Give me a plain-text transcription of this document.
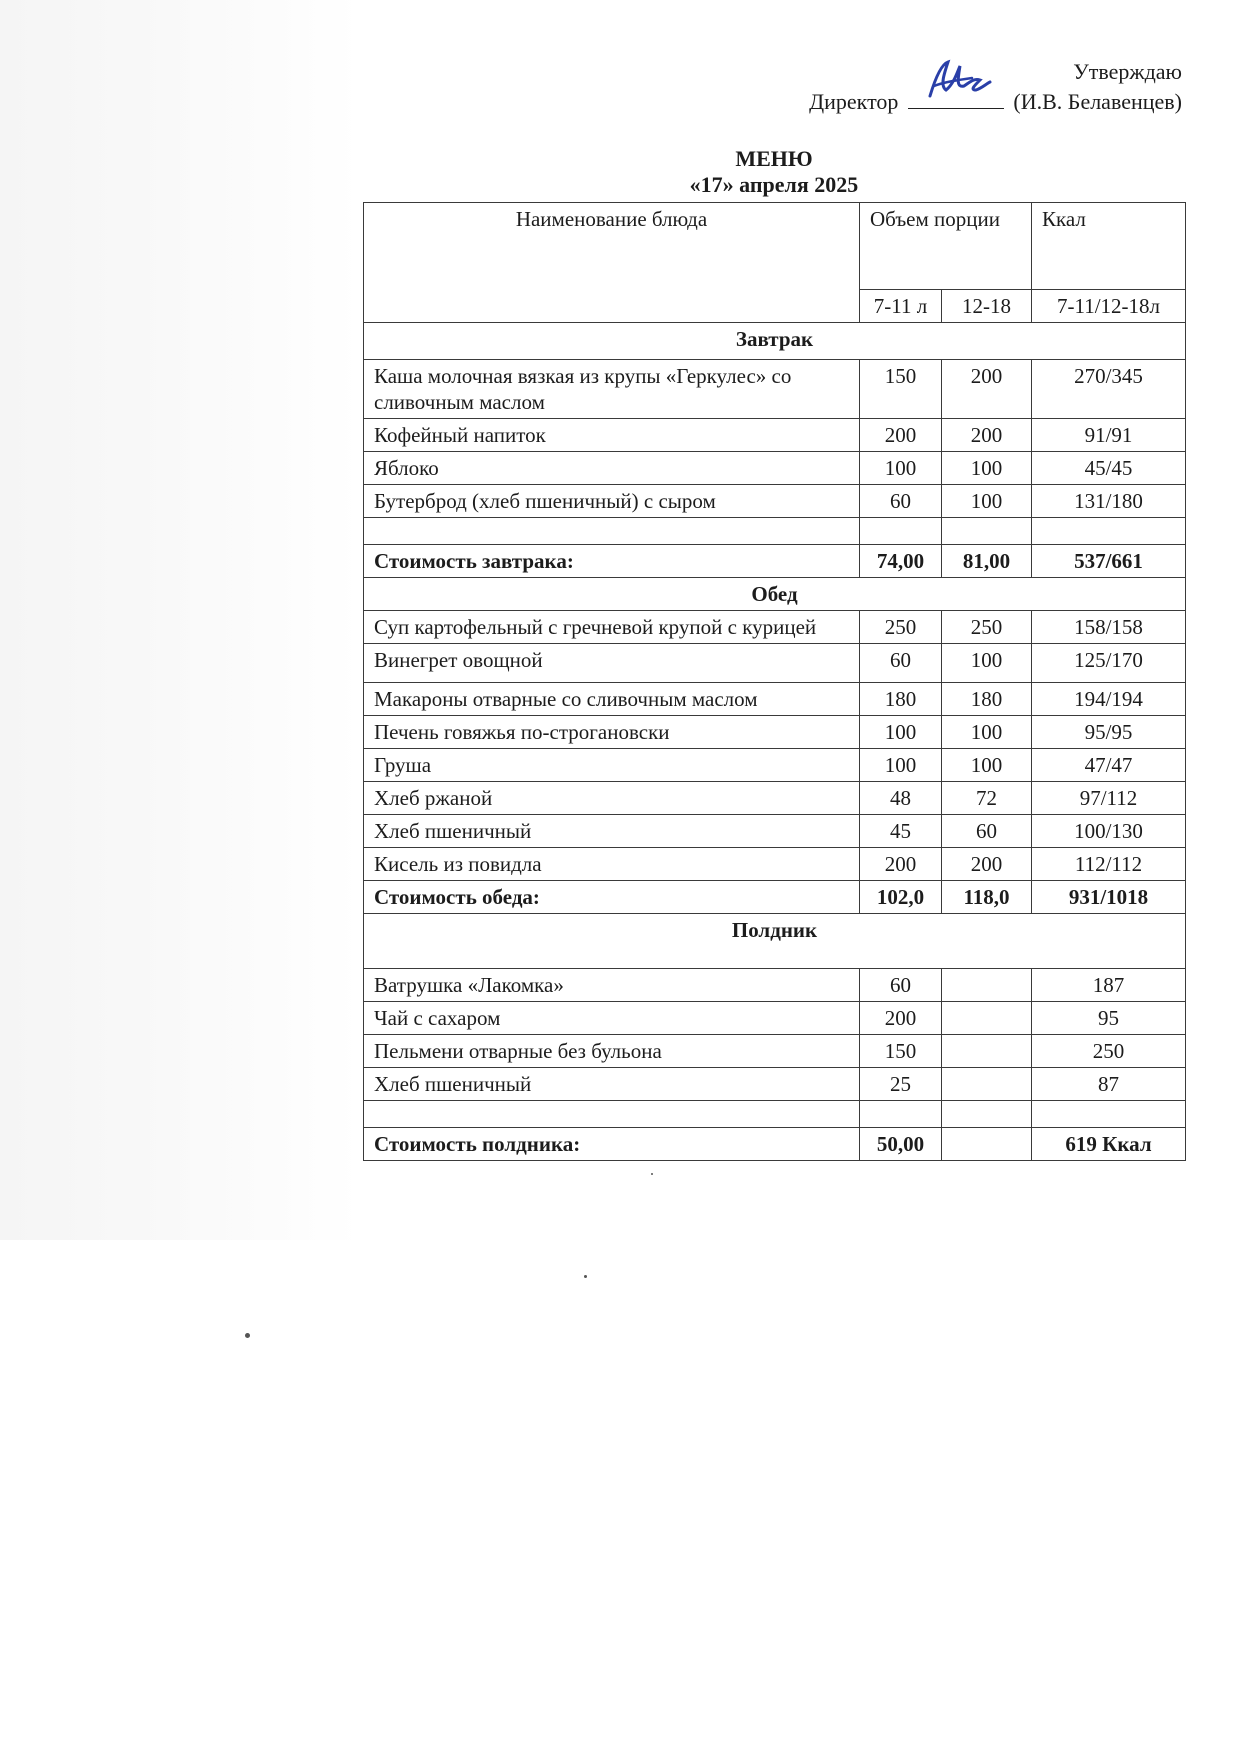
Утверждаю
Директор	(И.В. Белавенцев)
МЕНЮ
«17» апреля 2025
Наименование блюда	Объем порции		Ккал
	7-11 л	12-18	7-11/12-18л
Завтрак			
Каша молочная вязкая из крупы «Геркулес» со сливочным маслом	150	200	270/345
Кофейный напиток	200	200	91/91
Яблоко	100	100	45/45
Бутерброд (хлеб пшеничный) с сыром	60	100	131/180

Стоимость завтрака:	74,00	81,00	537/661
Обед			
Суп картофельный с гречневой крупой с курицей	250	250	158/158
Винегрет овощной	60	100	125/170
Макароны отварные со сливочным маслом	180	180	194/194
Печень говяжья по-строгановски	100	100	95/95
Груша	100	100	47/47
Хлеб ржаной	48	72	97/112
Хлеб пшеничный	45	60	100/130
Кисель из повидла	200	200	112/112
Стоимость обеда:	102,0	118,0	931/1018
Полдник			
Ватрушка «Лакомка»	60		187
Чай с сахаром	200		95
Пельмени отварные без бульона	150		250
Хлеб пшеничный	25		87

Стоимость полдника:	50,00		619 Ккал
